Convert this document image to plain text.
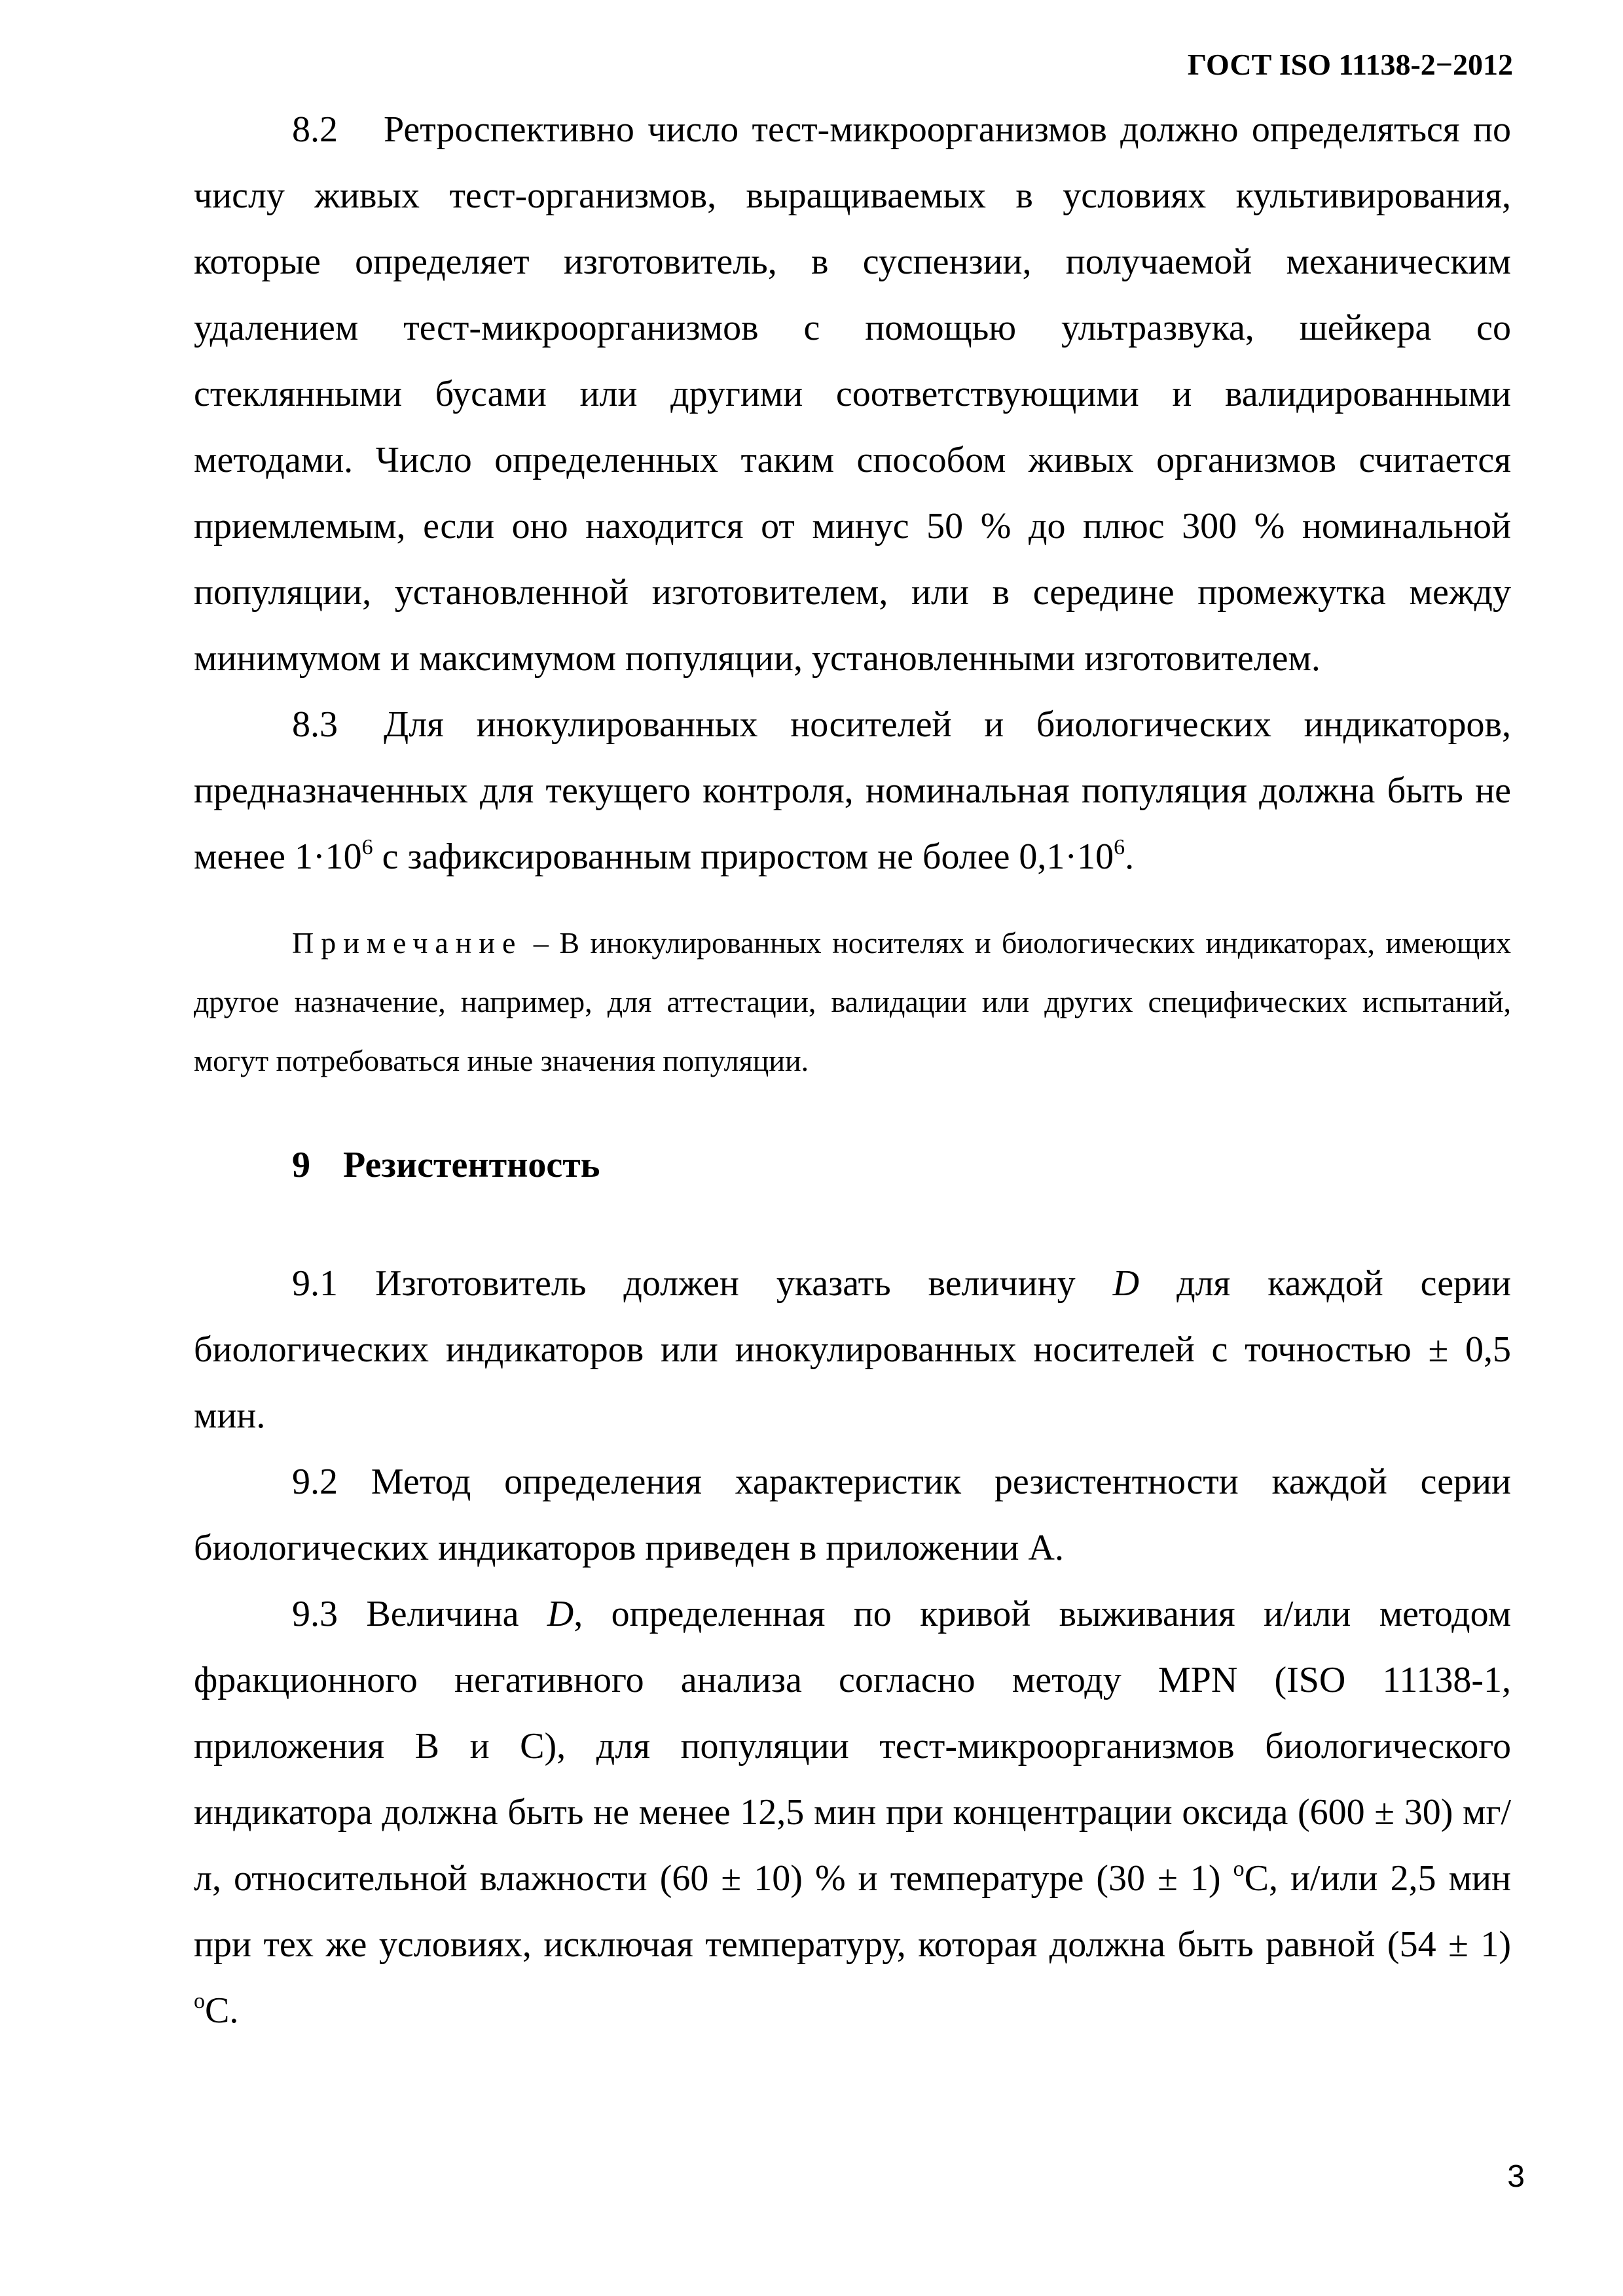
ГОСТ ISO 11138-2−2012

8.2 Ретроспективно число тест-микроорганизмов должно определяться по числу живых тест-организмов, выращиваемых в условиях культивирования, которые определяет изготовитель, в суспензии, получаемой механическим удалением тест-микроорганизмов с помощью ультразвука, шейкера со стеклянными бусами или другими соответствующими и валидированными методами. Число определенных таким способом живых организмов считается приемлемым, если оно находится от минус 50 % до плюс 300 % номинальной популяции, установленной изготовителем, или в середине промежутка между минимумом и максимумом популяции, установленными изготовителем.

8.3 Для инокулированных носителей и биологических индикаторов, предназначенных для текущего контроля, номинальная популяция должна быть не менее $1\cdot 10^6$ с зафиксированным приростом не более $0,1\cdot 10^6$.

Примечание – В инокулированных носителях и биологических индикаторах, имеющих другое назначение, например, для аттестации, валидации или других специфических испытаний, могут потребоваться иные значения популяции.

9 Резистентность

9.1 Изготовитель должен указать величину D для каждой серии биологических индикаторов или инокулированных носителей с точностью ± 0,5 мин.

9.2 Метод определения характеристик резистентности каждой серии биологических индикаторов приведен в приложении А.

9.3 Величина D, определенная по кривой выживания и/или методом фракционного негативного анализа согласно методу MPN (ISO 11138-1, приложения В и С), для популяции тест-микроорганизмов биологического индикатора должна быть не менее 12,5 мин при концентрации оксида (600 ± 30) мг/л, относительной влажности (60 ± 10) % и температуре (30 ± 1) $^o$С, и/или 2,5 мин при тех же условиях, исключая температуру, которая должна быть равной (54 ± 1) $^o$С.

3
